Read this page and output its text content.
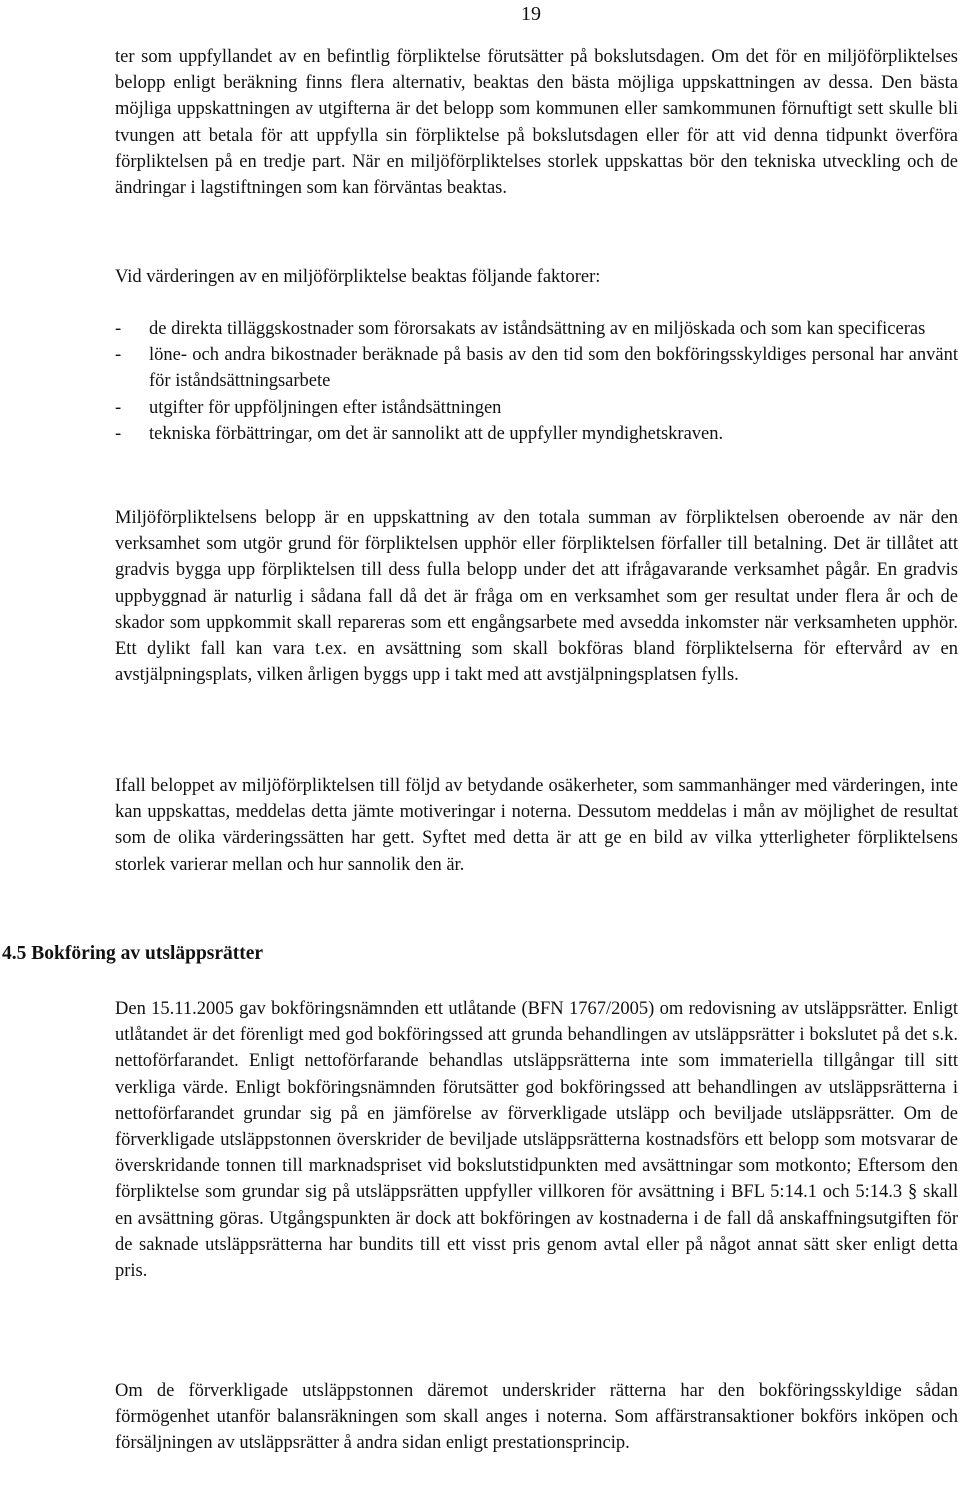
19

ter som uppfyllandet av en befintlig förpliktelse förutsätter på bokslutsdagen. Om det för en miljöförpliktelses belopp enligt beräkning finns flera alternativ, beaktas den bästa möjliga uppskattningen av dessa. Den bästa möjliga uppskattningen av utgifterna är det belopp som kommunen eller samkommunen förnuftigt sett skulle bli tvungen att betala för att uppfylla sin förpliktelse på bokslutsdagen eller för att vid denna tidpunkt överföra förpliktelsen på en tredje part. När en miljöförpliktelses storlek uppskattas bör den tekniska utveckling och de ändringar i lagstiftningen som kan förväntas beaktas.

Vid värderingen av en miljöförpliktelse beaktas följande faktorer:

- de direkta tilläggskostnader som förorsakats av iståndsättning av en miljöskada och som kan specificeras
- löne- och andra bikostnader beräknade på basis av den tid som den bokföringsskyldiges personal har använt för iståndsättningsarbete
- utgifter för uppföljningen efter iståndsättningen
- tekniska förbättringar, om det är sannolikt att de uppfyller myndighetskraven.

Miljöförpliktelsens belopp är en uppskattning av den totala summan av förpliktelsen oberoende av när den verksamhet som utgör grund för förpliktelsen upphör eller förpliktelsen förfaller till betalning. Det är tillåtet att gradvis bygga upp förpliktelsen till dess fulla belopp under det att ifrågavarande verksamhet pågår. En gradvis uppbyggnad är naturlig i sådana fall då det är fråga om en verksamhet som ger resultat under flera år och de skador som uppkommit skall repareras som ett engångsarbete med avsedda inkomster när verksamheten upphör. Ett dylikt fall kan vara t.ex. en avsättning som skall bokföras bland förpliktelserna för eftervård av en avstjälpningsplats, vilken årligen byggs upp i takt med att avstjälpningsplatsen fylls.

Ifall beloppet av miljöförpliktelsen till följd av betydande osäkerheter, som sammanhänger med värderingen, inte kan uppskattas, meddelas detta jämte motiveringar i noterna. Dessutom meddelas i mån av möjlighet de resultat som de olika värderingssätten har gett. Syftet med detta är att ge en bild av vilka ytterligheter förpliktelsens storlek varierar mellan och hur sannolik den är.

4.5 Bokföring av utsläppsrätter

Den 15.11.2005 gav bokföringsnämnden ett utlåtande (BFN 1767/2005) om redovisning av utsläppsrätter. Enligt utlåtandet är det förenligt med god bokföringssed att grunda behandlingen av utsläppsrätter i bokslutet på det s.k. nettoförfarandet. Enligt nettoförfarande behandlas utsläppsrätterna inte som immateriella tillgångar till sitt verkliga värde. Enligt bokföringsnämnden förutsätter god bokföringssed att behandlingen av utsläppsrätterna i nettoförfarandet grundar sig på en jämförelse av förverkligade utsläpp och beviljade utsläppsrätter. Om de förverkligade utsläppstonnen överskrider de beviljade utsläppsrätterna kostnadsförs ett belopp som motsvarar de överskridande tonnen till marknadspriset vid bokslutstidpunkten med avsättningar som motkonto; Eftersom den förpliktelse som grundar sig på utsläppsrätten uppfyller villkoren för avsättning i BFL 5:14.1 och 5:14.3 § skall en avsättning göras. Utgångspunkten är dock att bokföringen av kostnaderna i de fall då anskaffningsutgiften för de saknade utsläppsrätterna har bundits till ett visst pris genom avtal eller på något annat sätt sker enligt detta pris.

Om de förverkligade utsläppstonnen däremot underskrider rätterna har den bokföringsskyldige sådan förmögenhet utanför balansräkningen som skall anges i noterna. Som affärstransaktioner bokförs inköpen och försäljningen av utsläppsrätter å andra sidan enligt prestationsprincip.
